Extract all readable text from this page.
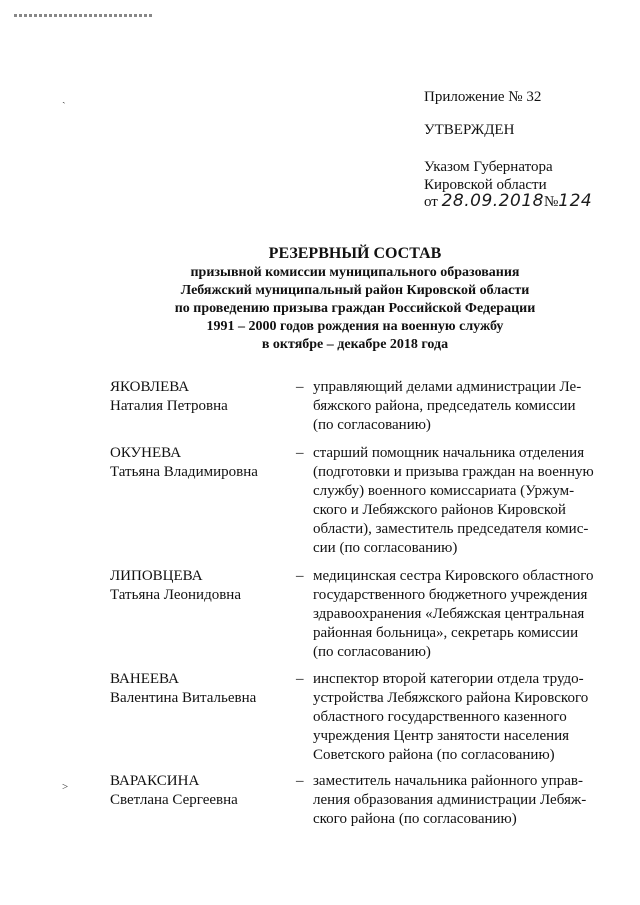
ˏ
˃
Приложение № 32
УТВЕРЖДЕН
Указом Губернатора
Кировской области
от 28.09.2018№124
РЕЗЕРВНЫЙ СОСТАВ
призывной комиссии муниципального образования
Лебяжский муниципальный район Кировской области
по проведению призыва граждан Российской Федерации
1991 – 2000 годов рождения на военную службу
в октябре – декабре 2018 года
ЯКОВЛЕВА
Наталия Петровна
– управляющий делами администрации Ле-
бяжского района, председатель комиссии
(по согласованию)
ОКУНЕВА
Татьяна Владимировна
– старший помощник начальника отделения
(подготовки и призыва граждан на военную
службу) военного комиссариата (Уржум-
ского и Лебяжского районов Кировской
области), заместитель председателя комис-
сии (по согласованию)
ЛИПОВЦЕВА
Татьяна Леонидовна
– медицинская сестра Кировского областного
государственного бюджетного учреждения
здравоохранения «Лебяжская центральная
районная больница», секретарь комиссии
(по согласованию)
ВАНЕЕВА
Валентина Витальевна
– инспектор второй категории отдела трудо-
устройства Лебяжского района Кировского
областного государственного казенного
учреждения Центр занятости населения
Советского района (по согласованию)
ВАРАКСИНА
Светлана Сергеевна
– заместитель начальника районного управ-
ления образования администрации Лебяж-
ского района (по согласованию)
